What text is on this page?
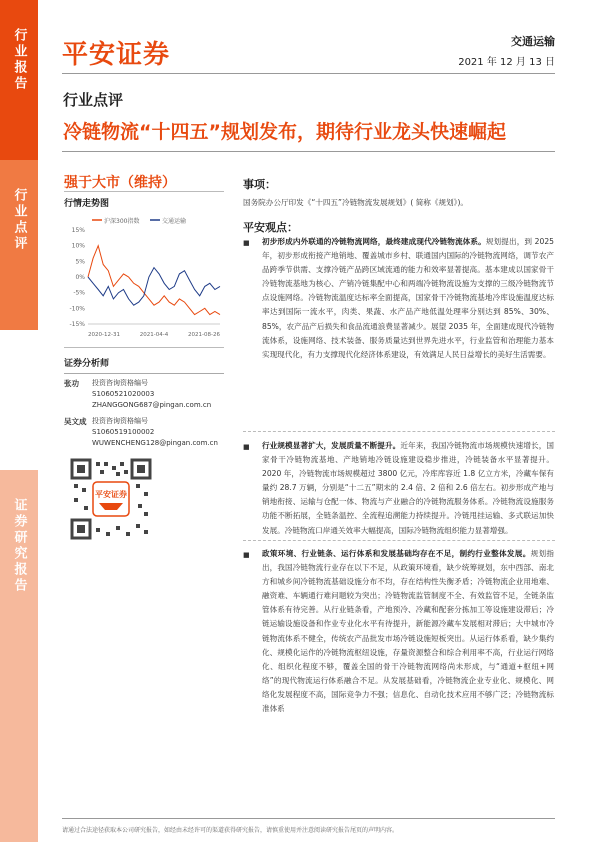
行业报告
行业点评
证券研究报告
平安证券	交通运输
2021 年 12 月 13 日
行业点评
冷链物流“十四五”规划发布，期待行业龙头快速崛起
强于大市（维持）
行情走势图
沪深300指数	交通运输
15%
10%
5%
0%
-5%
-10%
-15%
2020-12-31	2021-04-4	2021-08-26
证券分析师
张功	投资咨询资格编号
S1060521020003
ZHANGGONG687@pingan.com.cn
吴文成 投资咨询资格编号
S1060519100002
WUWENCHENG128@pingan.com.cn
平安证券
事项：
国务院办公厅印发《“十四五”冷链物流发展规划》( 简称《规划》)。
平安观点：
■ 初步形成内外联通的冷链物流网络，最终建成现代冷链物流体系。规划提出，到 2025 年，初步形成衔接产地销地、覆盖城市乡村、联通国内国际的冷链物流网络，调节农产品跨季节供需、支撑冷链产品跨区域流通的能力和效率显著提高。基本建成以国家骨干冷链物流基地为核心、产销冷链集配中心和两端冷链物流设施为支撑的三级冷链物流节点设施网络。冷链物流温度达标率全面提高，国家骨干冷链物流基地冷库设施温度达标率达到国际一流水平，肉类、果蔬、水产品产地低温处理率分别达到 85%、30%、85%，农产品产后损失和食品流通浪费显著减少。展望 2035 年，全面建成现代冷链物流体系，设施网络、技术装备、服务质量达到世界先进水平，行业监管和治理能力基本实现现代化，有力支撑现代化经济体系建设，有效满足人民日益增长的美好生活需要。
■ 行业规模显著扩大，发展质量不断提升。近年来，我国冷链物流市场规模快速增长，国家骨干冷链物流基地、产地销地冷链设施建设稳步推进，冷链装备水平显著提升。2020 年，冷链物流市场规模超过 3800 亿元，冷库库容近 1.8 亿立方米，冷藏车保有量约 28.7 万辆，分别是“十二五”期末的 2.4 倍、2 倍和 2.6 倍左右。初步形成产地与销地衔接、运输与仓配一体、物流与产业融合的冷链物流服务体系。冷链物流设施服务功能不断拓展，全链条温控、全流程追溯能力持续提升。冷链甩挂运输、多式联运加快发展。冷链物流口岸通关效率大幅提高，国际冷链物流组织能力显著增强。
■ 政策环境、行业链条、运行体系和发展基础均存在不足，制约行业整体发展。规划指出，我国冷链物流行业存在以下不足，从政策环境看，缺少统筹规划，东中西部、南北方和城乡间冷链物流基础设施分布不均，存在结构性失衡矛盾；冷链物流企业用地难、融资难、车辆通行难问题较为突出；冷链物流监管制度不全、有效监管不足，全链条监管体系有待完善。从行业链条看，产地预冷、冷藏和配套分拣加工等设施建设滞后；冷链运输设施设备和作业专业化水平有待提升，新能源冷藏车发展相对滞后；大中城市冷链物流体系不健全，传统农产品批发市场冷链设施短板突出。从运行体系看，缺少集约化、规模化运作的冷链物流枢纽设施，存量资源整合和综合利用率不高，行业运行网络化、组织化程度不够，覆盖全国的骨干冷链物流网络尚未形成，与“通道+枢纽+网络”的现代物流运行体系融合不足。从发展基础看，冷链物流企业专业化、规模化、网络化发展程度不高，国际竞争力不强；信息化、自动化技术应用不够广泛；冷链物流标准体系
请通过合法途径获取本公司研究报告，如经由未经许可的渠道获得研究报告，请慎重使用并注意阅读研究报告尾页的声明内容。
